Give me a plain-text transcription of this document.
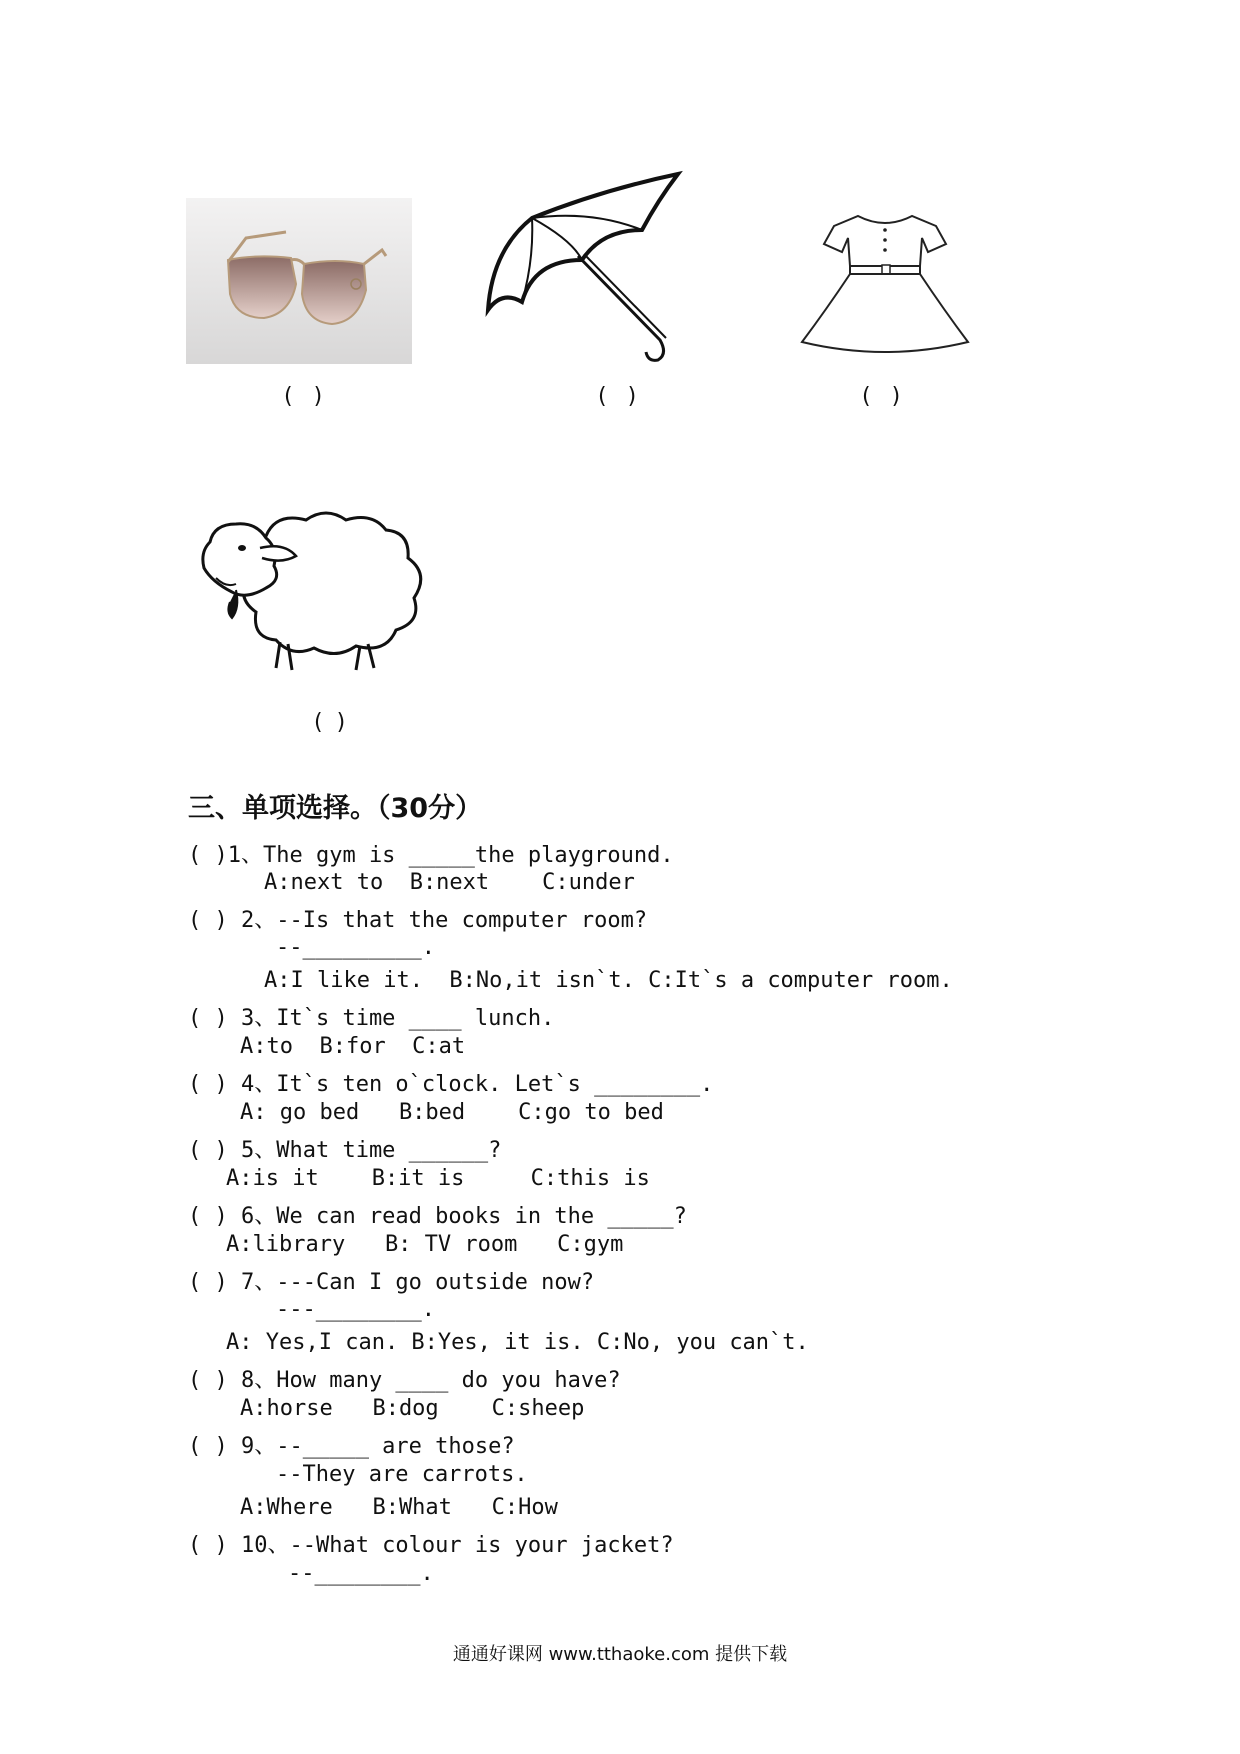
(   )	(   )	(   )
(  )
三、单项选择。（30分）
( )1、The gym is _____the playground.
A:next to  B:next    C:under
( ) 2、--Is that the computer room?
--_________.
A:I like it.  B:No,it isn`t. C:It`s a computer room.
( ) 3、It`s time ____ lunch.
A:to  B:for  C:at
( ) 4、It`s ten o`clock. Let`s ________.
A: go bed   B:bed    C:go to bed
( ) 5、What time ______?
A:is it    B:it is     C:this is
( ) 6、We can read books in the _____?
A:library   B: TV room   C:gym
( ) 7、---Can I go outside now?
---________.
A: Yes,I can. B:Yes, it is. C:No, you can`t.
( ) 8、How many ____ do you have?
A:horse   B:dog    C:sheep
( ) 9、--_____ are those?
--They are carrots.
A:Where   B:What   C:How
( ) 10、--What colour is your jacket?
--________.
通通好课网 www.tthaoke.com 提供下载
